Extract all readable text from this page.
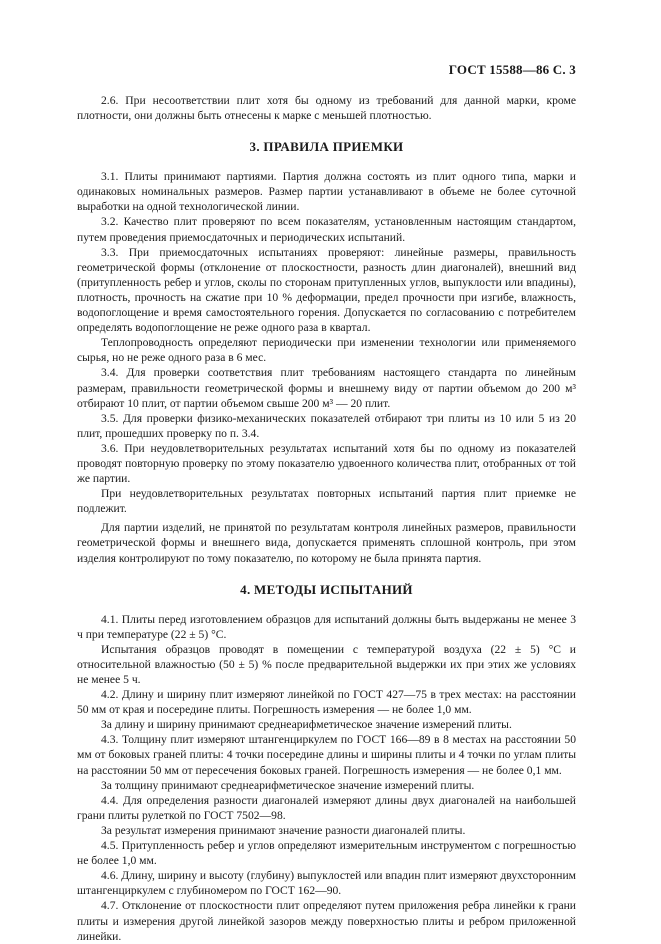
ГОСТ 15588—86 С. 3

2.6. При несоответствии плит хотя бы одному из требований для данной марки, кроме плотности, они должны быть отнесены к марке с меньшей плотностью.

3. ПРАВИЛА ПРИЕМКИ

3.1. Плиты принимают партиями. Партия должна состоять из плит одного типа, марки и одинаковых номинальных размеров. Размер партии устанавливают в объеме не более суточной выработки на одной технологической линии.

3.2. Качество плит проверяют по всем показателям, установленным настоящим стандартом, путем проведения приемосдаточных и периодических испытаний.

3.3. При приемосдаточных испытаниях проверяют: линейные размеры, правильность геометрической формы (отклонение от плоскостности, разность длин диагоналей), внешний вид (притупленность ребер и углов, сколы по сторонам притупленных углов, выпуклости или впадины), плотность, прочность на сжатие при 10 % деформации, предел прочности при изгибе, влажность, водопоглощение и время самостоятельного горения. Допускается по согласованию с потребителем определять водопоглощение не реже одного раза в квартал.

Теплопроводность определяют периодически при изменении технологии или применяемого сырья, но не реже одного раза в 6 мес.

3.4. Для проверки соответствия плит требованиям настоящего стандарта по линейным размерам, правильности геометрической формы и внешнему виду от партии объемом до 200 м³ отбирают 10 плит, от партии объемом свыше 200 м³ — 20 плит.

3.5. Для проверки физико-механических показателей отбирают три плиты из 10 или 5 из 20 плит, прошедших проверку по п. 3.4.

3.6. При неудовлетворительных результатах испытаний хотя бы по одному из показателей проводят повторную проверку по этому показателю удвоенного количества плит, отобранных от той же партии.

При неудовлетворительных результатах повторных испытаний партия плит приемке не подлежит.

Для партии изделий, не принятой по результатам контроля линейных размеров, правильности геометрической формы и внешнего вида, допускается применять сплошной контроль, при этом изделия контролируют по тому показателю, по которому не была принята партия.

4. МЕТОДЫ ИСПЫТАНИЙ

4.1. Плиты перед изготовлением образцов для испытаний должны быть выдержаны не менее 3 ч при температуре (22 ± 5) °С.

Испытания образцов проводят в помещении с температурой воздуха (22 ± 5) °С и относительной влажностью (50 ± 5) % после предварительной выдержки их при этих же условиях не менее 5 ч.

4.2. Длину и ширину плит измеряют линейкой по ГОСТ 427—75 в трех местах: на расстоянии 50 мм от края и посередине плиты. Погрешность измерения — не более 1,0 мм.

За длину и ширину принимают среднеарифметическое значение измерений плиты.

4.3. Толщину плит измеряют штангенциркулем по ГОСТ 166—89 в 8 местах на расстоянии 50 мм от боковых граней плиты: 4 точки посередине длины и ширины плиты и 4 точки по углам плиты на расстоянии 50 мм от пересечения боковых граней. Погрешность измерения — не более 0,1 мм.

За толщину принимают среднеарифметическое значение измерений плиты.

4.4. Для определения разности диагоналей измеряют длины двух диагоналей на наибольшей грани плиты рулеткой по ГОСТ 7502—98.

За результат измерения принимают значение разности диагоналей плиты.

4.5. Притупленность ребер и углов определяют измерительным инструментом с погрешностью не более 1,0 мм.

4.6. Длину, ширину и высоту (глубину) выпуклостей или впадин плит измеряют двухсторонним штангенциркулем с глубиномером по ГОСТ 162—90.

4.7. Отклонение от плоскостности плит определяют путем приложения ребра линейки к грани плиты и измерения другой линейкой зазоров между поверхностью плиты и ребром приложенной линейки.
